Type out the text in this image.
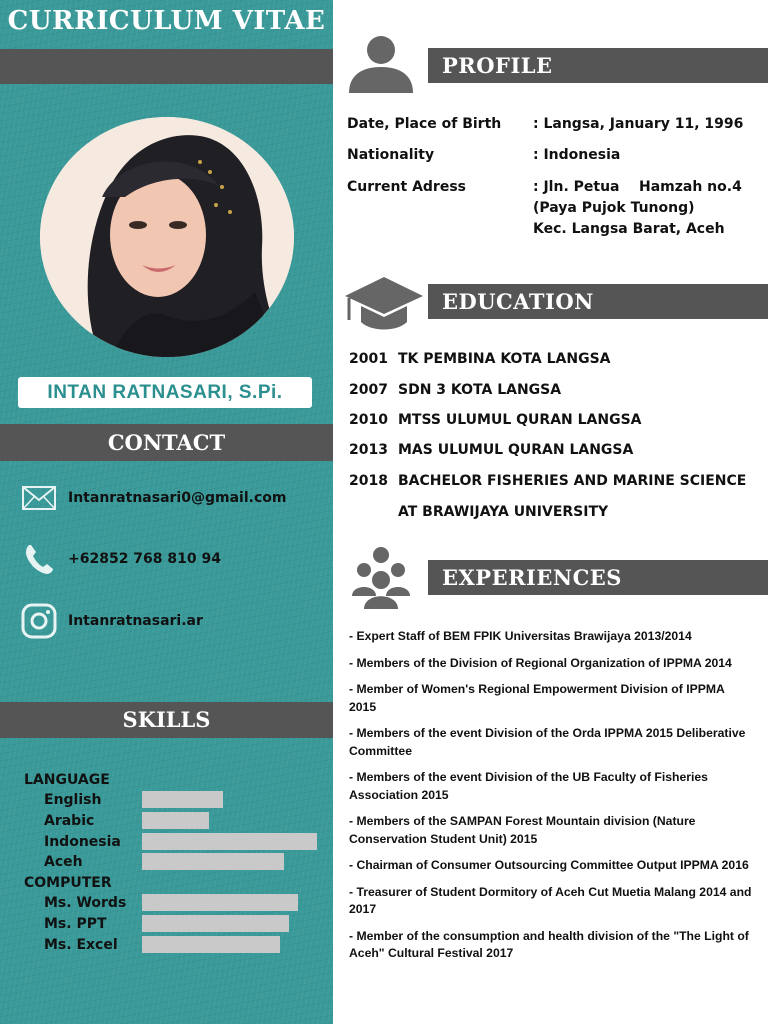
CURRICULUM VITAE
INTAN RATNASARI, S.Pi.
CONTACT
Intanratnasari0@gmail.com
+62852 768 810 94
Intanratnasari.ar
SKILLS
LANGUAGE
English
Arabic
Indonesia
Aceh
COMPUTER
Ms. Words
Ms. PPT
Ms. Excel
PROFILE
Date, Place of Birth	: Langsa, January 11, 1996
Nationality	: Indonesia
Current Adress	: Jln. Petua    Hamzah no.4
(Paya Pujok Tunong)
Kec. Langsa Barat, Aceh
EDUCATION
2001 TK PEMBINA KOTA LANGSA
2007 SDN 3 KOTA LANGSA
2010 MTSS ULUMUL QURAN LANGSA
2013 MAS ULUMUL QURAN LANGSA
2018 BACHELOR FISHERIES AND MARINE SCIENCE
AT BRAWIJAYA UNIVERSITY
EXPERIENCES
- Expert Staff of BEM FPIK Universitas Brawijaya 2013/2014
- Members of the Division of Regional Organization of IPPMA 2014
- Member of Women's Regional Empowerment Division of IPPMA 2015
- Members of the event Division of the Orda IPPMA 2015 Deliberative Committee
- Members of the event Division of the UB Faculty of Fisheries Association 2015
- Members of the SAMPAN Forest Mountain division (Nature Conservation Student Unit) 2015
- Chairman of Consumer Outsourcing Committee Output IPPMA 2016
- Treasurer of Student Dormitory of Aceh Cut Muetia Malang 2014 and 2017
- Member of the consumption and health division of the "The Light of Aceh" Cultural Festival 2017
